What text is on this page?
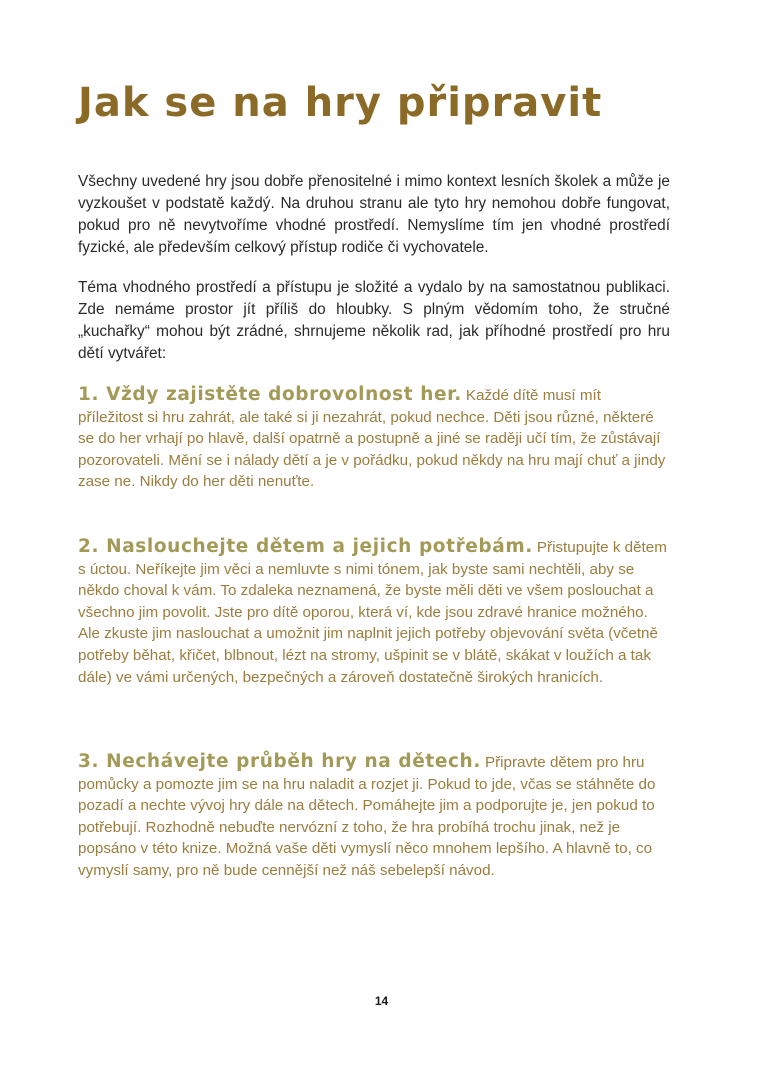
Jak se na hry připravit

Všechny uvedené hry jsou dobře přenositelné i mimo kontext lesních školek a může je vyzkoušet v podstatě každý. Na druhou stranu ale tyto hry nemohou dobře fungovat, pokud pro ně nevytvoříme vhodné prostředí. Nemyslíme tím jen vhodné prostředí fyzické, ale především celkový přístup rodiče či vychovatele.

Téma vhodného prostředí a přístupu je složité a vydalo by na samostatnou publikaci. Zde nemáme prostor jít příliš do hloubky. S plným vědomím toho, že stručné „kuchařky“ mohou být zrádné, shrnujeme několik rad, jak příhodné prostředí pro hru dětí vytvářet:

1. Vždy zajistěte dobrovolnost her. Každé dítě musí mít příležitost si hru zahrát, ale také si ji nezahrát, pokud nechce. Děti jsou různé, některé se do her vrhají po hlavě, další opatrně a postupně a jiné se raději učí tím, že zůstávají pozorovateli. Mění se i nálady dětí a je v pořádku, pokud někdy na hru mají chuť a jindy zase ne. Nikdy do her děti nenuťte.

2. Naslouchejte dětem a jejich potřebám. Přistupujte k dětem s úctou. Neříkejte jim věci a nemluvte s nimi tónem, jak byste sami nechtěli, aby se někdo choval k vám. To zdaleka neznamená, že byste měli děti ve všem poslouchat a všechno jim povolit. Jste pro dítě oporou, která ví, kde jsou zdravé hranice možného. Ale zkuste jim naslouchat a umožnit jim naplnit jejich potřeby objevování světa (včetně potřeby běhat, křičet, blbnout, lézt na stromy, ušpinit se v blátě, skákat v loužích a tak dále) ve vámi určených, bezpečných a zároveň dostatečně širokých hranicích.

3. Nechávejte průběh hry na dětech. Připravte dětem pro hru pomůcky a pomozte jim se na hru naladit a rozjet ji. Pokud to jde, včas se stáhněte do pozadí a nechte vývoj hry dále na dětech. Pomáhejte jim a podporujte je, jen pokud to potřebují. Rozhodně nebuďte nervózní z toho, že hra probíhá trochu jinak, než je popsáno v této knize. Možná vaše děti vymyslí něco mnohem lepšího. A hlavně to, co vymyslí samy, pro ně bude cennější než náš sebelepší návod.

14
